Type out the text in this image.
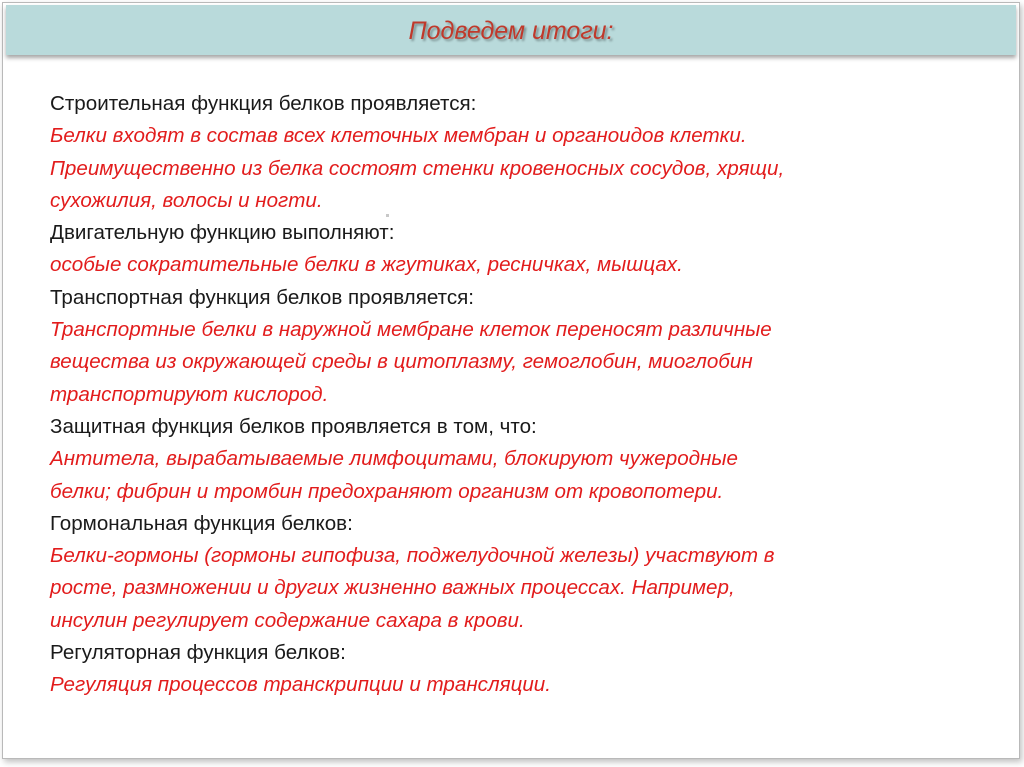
Подведем итоги:
Строительная функция белков проявляется:
Белки входят в состав всех клеточных мембран и органоидов клетки.
Преимущественно из белка состоят стенки кровеносных сосудов, хрящи,
сухожилия, волосы и ногти.
Двигательную функцию выполняют:
особые сократительные белки в жгутиках, ресничках, мышцах.
Транспортная функция белков проявляется:
Транспортные белки в наружной мембране клеток переносят различные
вещества из окружающей среды в цитоплазму, гемоглобин, миоглобин
транспортируют кислород.
Защитная функция белков проявляется в том, что:
Антитела, вырабатываемые лимфоцитами, блокируют чужеродные
белки; фибрин и тромбин предохраняют организм от кровопотери.
Гормональная функция белков:
Белки-гормоны (гормоны гипофиза, поджелудочной железы) участвуют в
росте, размножении и других жизненно важных процессах. Например,
инсулин регулирует содержание сахара в крови.
Регуляторная функция белков:
Регуляция процессов транскрипции и трансляции.
